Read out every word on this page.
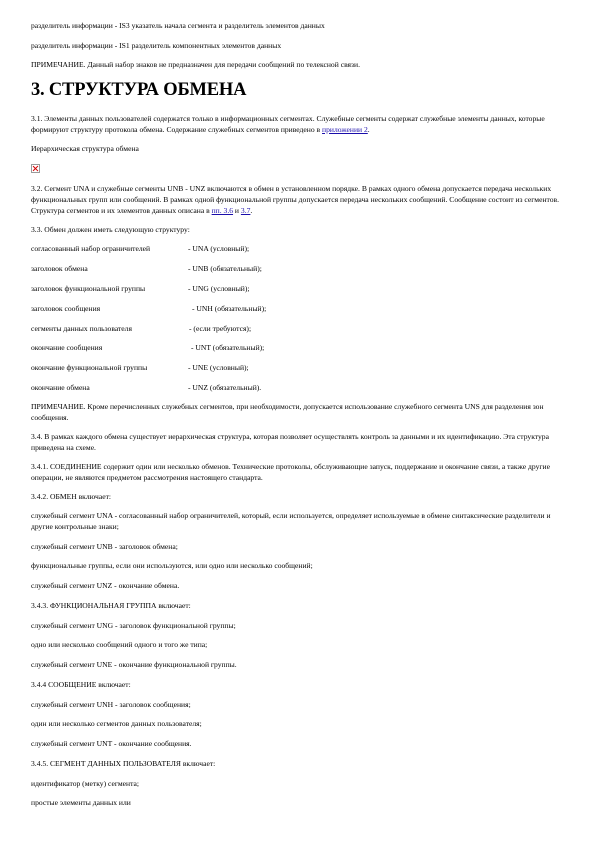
разделитель информации - IS3 указатель начала сегмента и разделитель элементов данных
разделитель информации - IS1 разделитель компонентных элементов данных
ПРИМЕЧАНИЕ. Данный набор знаков не предназначен для передачи сообщений по телексной связи.
3. СТРУКТУРА ОБМЕНА
3.1. Элементы данных пользователей содержатся только в информационных сегментах. Служебные сегменты содержат служебные элементы данных, которые формируют структуру протокола обмена. Содержание служебных сегментов приведено в приложении 2.
Иерархическая структура обмена
3.2. Сегмент UNA и служебные сегменты UNB - UNZ включаются в обмен в установленном порядке. В рамках одного обмена допускается передача нескольких функциональных групп или сообщений. В рамках одной функциональной группы допускается передача нескольких сообщений. Сообщение состоит из сегментов. Структура сегментов и их элементов данных описана в пп. 3.6 и 3.7.
3.3. Обмен должен иметь следующую структуру:
согласованный набор ограничителей	- UNA (условный);
заголовок обмена	- UNB (обязательный);
заголовок функциональной группы	- UNG (условный);
заголовок сообщения	- UNH (обязательный);
сегменты данных пользователя	- (если требуются);
окончание сообщения	- UNT (обязательный);
окончание функциональной группы	- UNE (условный);
окончание обмена	- UNZ (обязательный).
ПРИМЕЧАНИЕ. Кроме перечисленных служебных сегментов, при необходимости, допускается использование служебного сегмента UNS для разделения зон сообщения.
3.4. В рамках каждого обмена существует иерархическая структура, которая позволяет осуществлять контроль за данными и их идентификацию. Эта структура приведена на схеме.
3.4.1. СОЕДИНЕНИЕ содержит один или несколько обменов. Технические протоколы, обслуживающие запуск, поддержание и окончание связи, а также другие операции, не являются предметом рассмотрения настоящего стандарта.
3.4.2. ОБМЕН включает:
служебный сегмент UNA - согласованный набор ограничителей, который, если используется, определяет используемые в обмене синтаксические разделители и другие контрольные знаки;
служебный сегмент UNB - заголовок обмена;
функциональные группы, если они используются, или одно или несколько сообщений;
служебный сегмент UNZ - окончание обмена.
3.4.3. ФУНКЦИОНАЛЬНАЯ ГРУППА включает:
служебный сегмент UNG - заголовок функциональной группы;
одно или несколько сообщений одного и того же типа;
служебный сегмент UNE - окончание функциональной группы.
3.4.4 СООБЩЕНИЕ включает:
служебный сегмент UNH - заголовок сообщения;
один или несколько сегментов данных пользователя;
служебный сегмент UNT - окончание сообщения.
3.4.5. СЕГМЕНТ ДАННЫХ ПОЛЬЗОВАТЕЛЯ включает:
идентификатор (метку) сегмента;
простые элементы данных или
